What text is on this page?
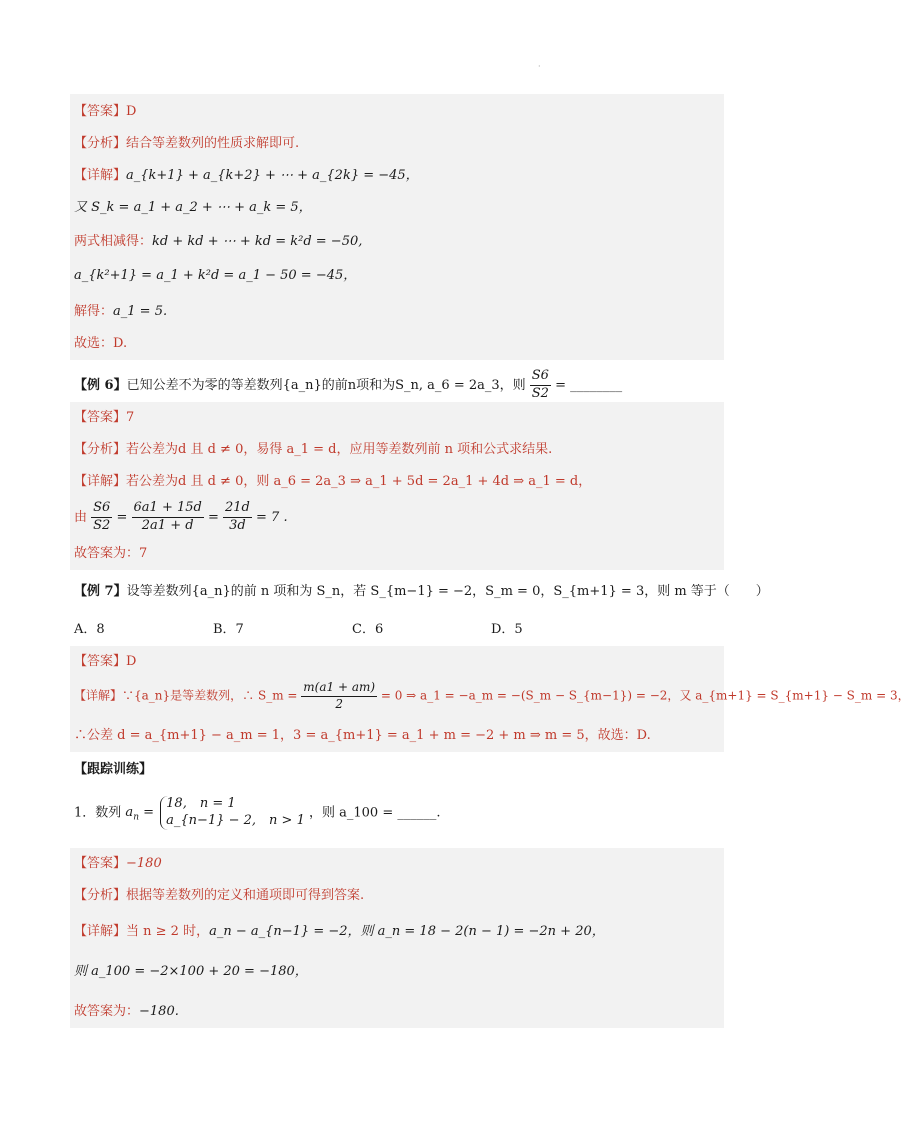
·
【答案】D
【分析】结合等差数列的性质求解即可.
【详解】a_{k+1} + a_{k+2} + ⋯ + a_{2k} = −45，
又 S_k = a_1 + a_2 + ⋯ + a_k = 5，
两式相减得：kd + kd + ⋯ + kd = k²d = −50,
a_{k²+1} = a_1 + k²d = a_1 − 50 = −45，
解得：a_1 = 5.
故选：D.
【例 6】已知公差不为零的等差数列{a_n}的前n项和为S_n, a_6 = 2a_3，则 $\frac{S6}{S2}$ = ________
【答案】7
【分析】若公差为d 且 d ≠ 0，易得 a_1 = d，应用等差数列前 n 项和公式求结果.
【详解】若公差为d 且 d ≠ 0，则 a_6 = 2a_3 ⇒ a_1 + 5d = 2a_1 + 4d ⇒ a_1 = d，
由 $\frac{S6}{S2} = \frac{6a1 + 15d}{2a1 + d} = \frac{21d}{3d} = 7$ .
故答案为：7
【例 7】设等差数列{a_n}的前 n 项和为 S_n，若 S_{m−1} = −2，S_m = 0，S_{m+1} = 3，则 m 等于（　　）
A．8	B．7	C．6	D．5
【答案】D
【详解】∵{a_n}是等差数列，∴ S_m = $\frac{m(a1 + am)}{2} = 0$ ⇒ a_1 = −a_m = −(S_m − S_{m−1}) = −2，又 a_{m+1} = S_{m+1} − S_m = 3，
∴公差 d = a_{m+1} − a_m = 1，3 = a_{m+1} = a_1 + m = −2 + m ⇒ m = 5，故选：D.
【跟踪训练】
1．数列 $a_n$ =
18,　n = 1
a_{n−1} − 2,　n > 1 ，则 a_100 = ______.
【答案】−180
【分析】根据等差数列的定义和通项即可得到答案.
【详解】当 n ≥ 2 时，a_n − a_{n−1} = −2，则 a_n = 18 − 2(n − 1) = −2n + 20，
则 a_100 = −2×100 + 20 = −180，
故答案为：−180.
